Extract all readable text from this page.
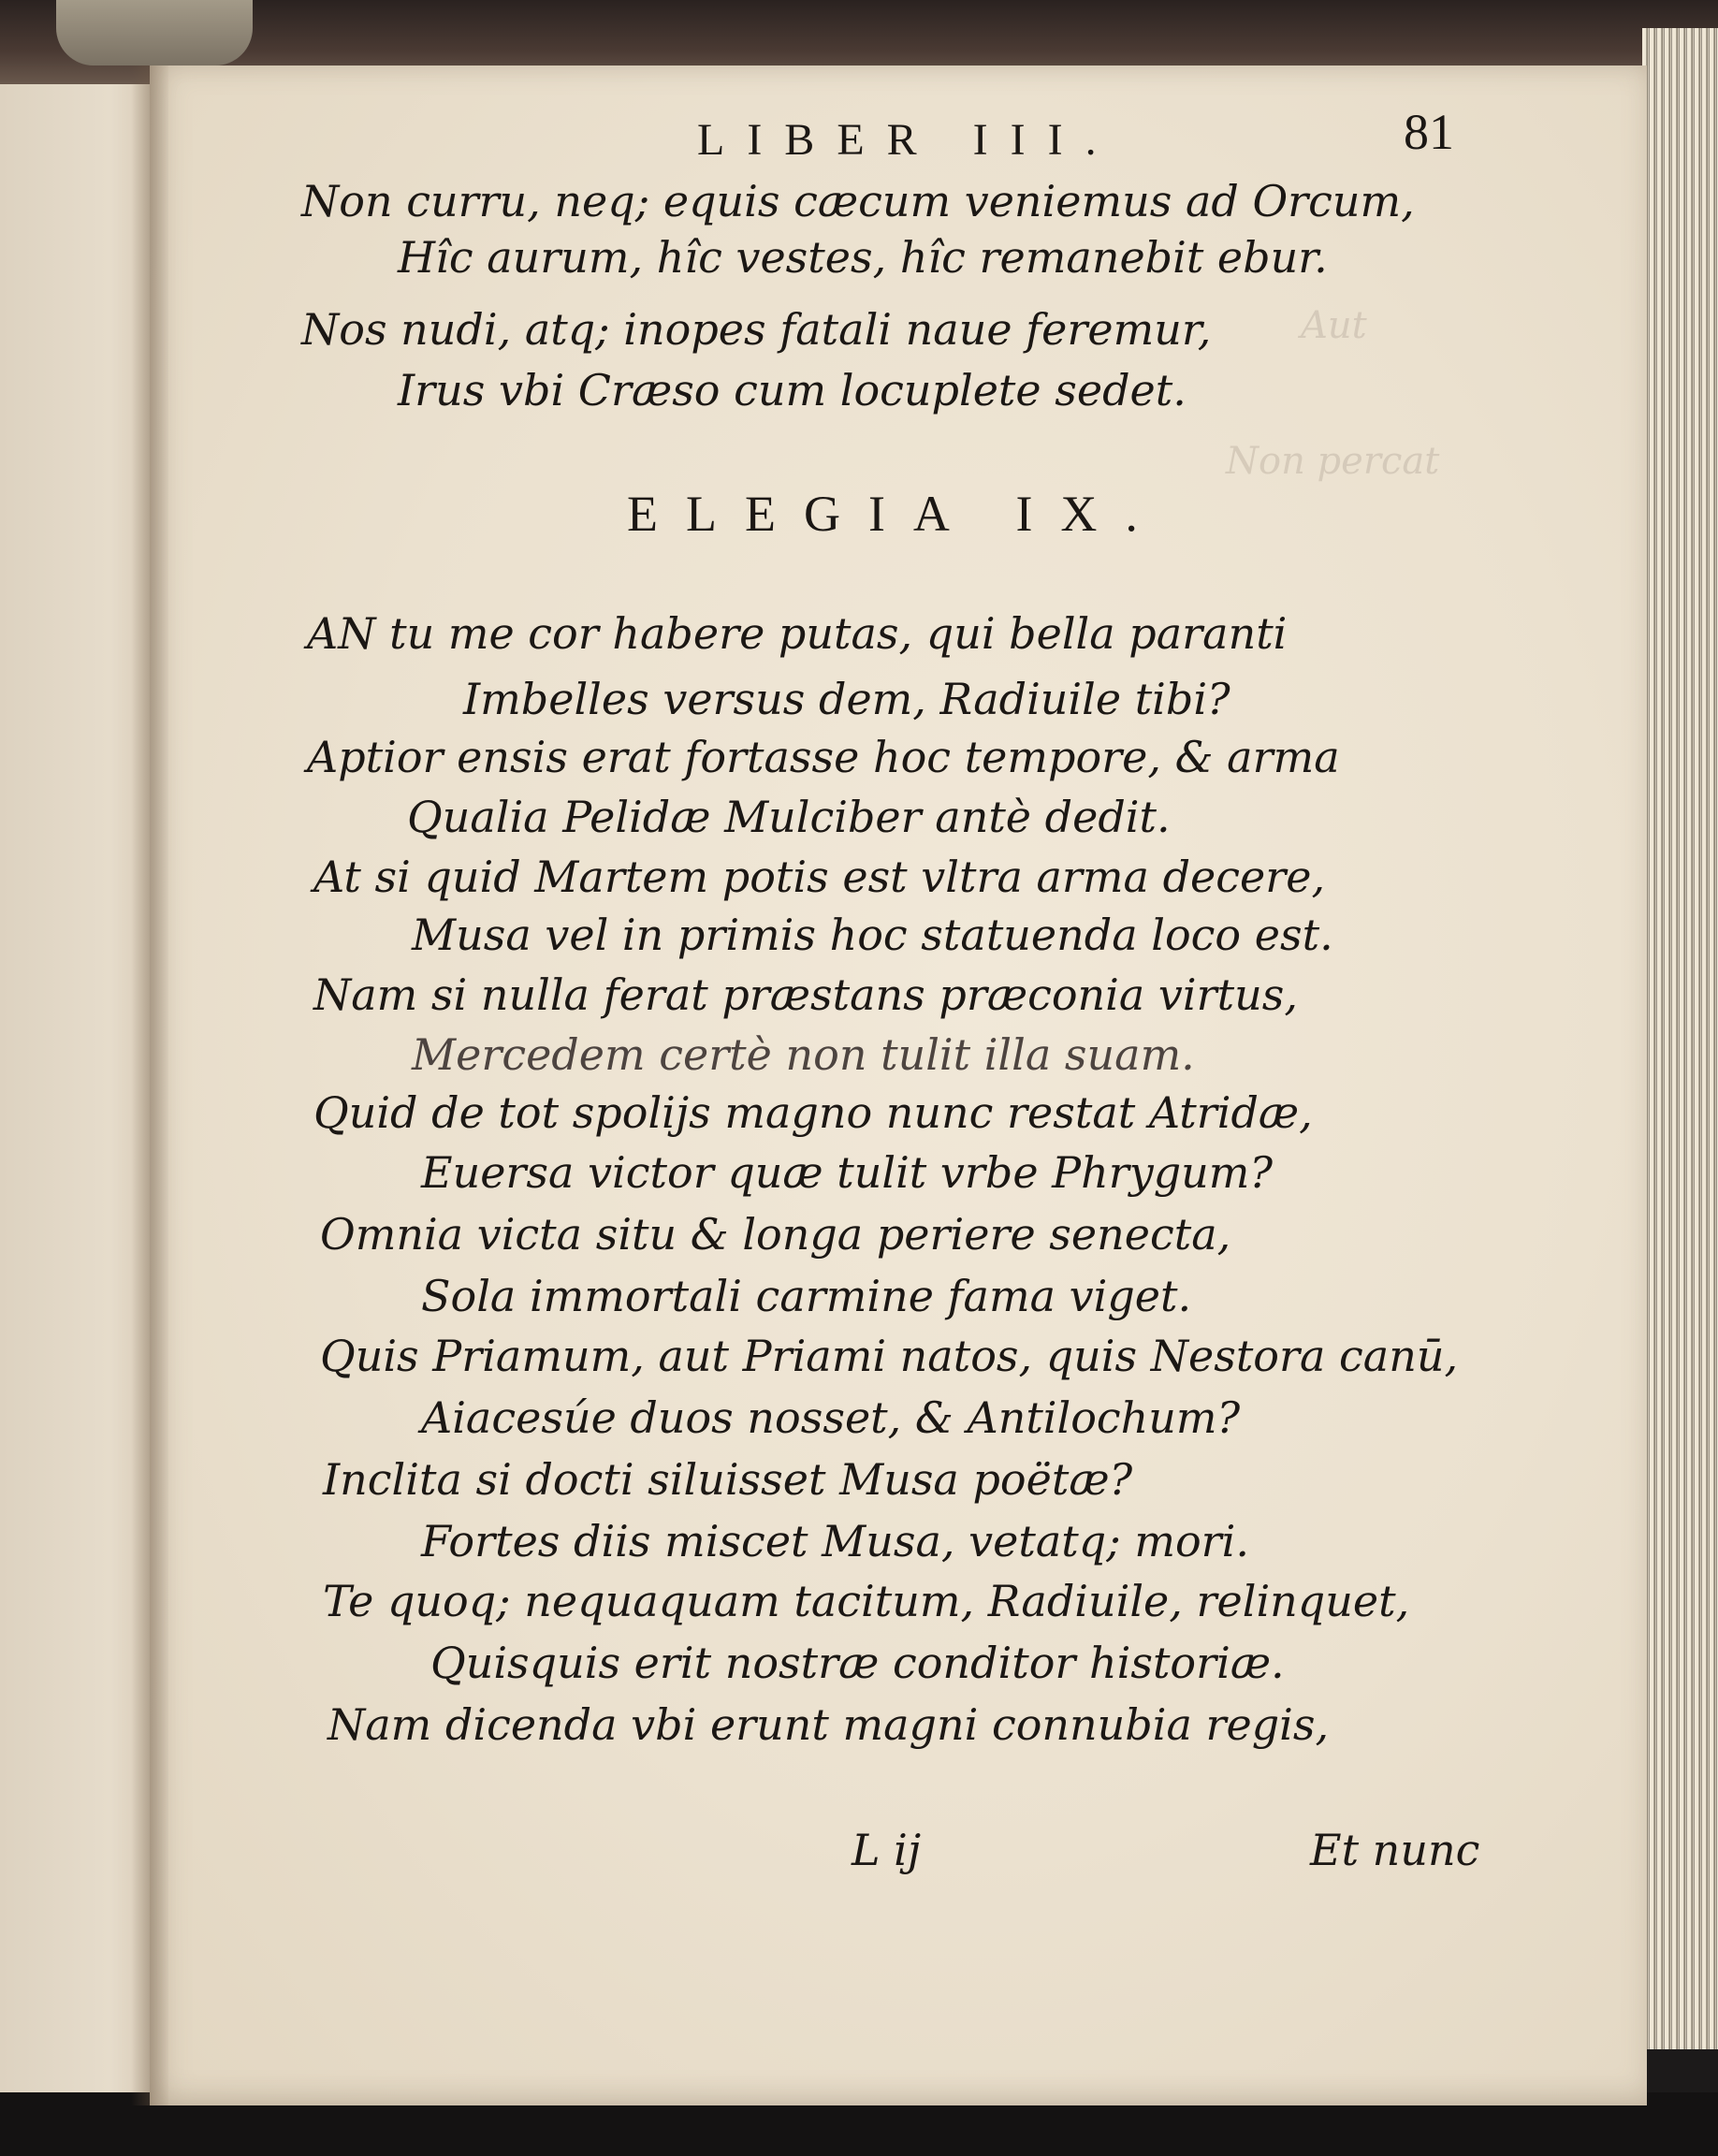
Aut
Non percat
LIBER III.	81
Non curru, neq; equis cæcum veniemus ad Orcum,
Hîc aurum, hîc vestes, hîc remanebit ebur.
Nos nudi, atq; inopes fatali naue feremur,
Irus vbi Cræso cum locuplete sedet.
ELEGIA IX.
AN tu me cor habere putas, qui bella paranti
Imbelles versus dem, Radiuile tibi?
Aptior ensis erat fortasse hoc tempore, & arma
Qualia Pelidæ Mulciber antè dedit.
At si quid Martem potis est vltra arma decere,
Musa vel in primis hoc statuenda loco est.
Nam si nulla ferat præstans præconia virtus,
Mercedem certè non tulit illa suam.
Quid de tot spolijs magno nunc restat Atridæ,
Euersa victor quæ tulit vrbe Phrygum?
Omnia victa situ & longa periere senecta,
Sola immortali carmine fama viget.
Quis Priamum, aut Priami natos, quis Nestora canū,
Aiacesúe duos nosset, & Antilochum?
Inclita si docti siluisset Musa poëtæ?
Fortes diis miscet Musa, vetatq; mori.
Te quoq; nequaquam tacitum, Radiuile, relinquet,
Quisquis erit nostræ conditor historiæ.
Nam dicenda vbi erunt magni connubia regis,
L ij	Et nunc
